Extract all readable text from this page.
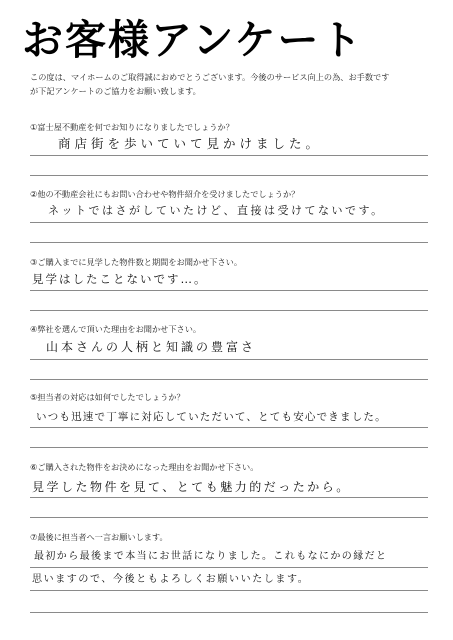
お客様アンケート
この度は、マイホームのご取得誠におめでとうございます。今後のサービス向上の為、お手数です
が下記アンケートのご協力をお願い致します。
①富士屋不動産を何でお知りになりましたでしょうか？
商店街を歩いていて見かけました。
②他の不動産会社にもお問い合わせや物件紹介を受けましたでしょうか？
ネットではさがしていたけど、直接は受けてないです。
③ご購入までに見学した物件数と期間をお聞かせ下さい。
見学はしたことないです…。
④弊社を選んで頂いた理由をお聞かせ下さい。
山本さんの人柄と知識の豊富さ
⑤担当者の対応は如何でしたでしょうか？
いつも迅速で丁寧に対応していただいて、とても安心できました。
⑥ご購入された物件をお決めになった理由をお聞かせ下さい。
見学した物件を見て、とても魅力的だったから。
⑦最後に担当者へ一言お願いします。
最初から最後まで本当にお世話になりました。これもなにかの縁だと
思いますので、今後ともよろしくお願いいたします。
